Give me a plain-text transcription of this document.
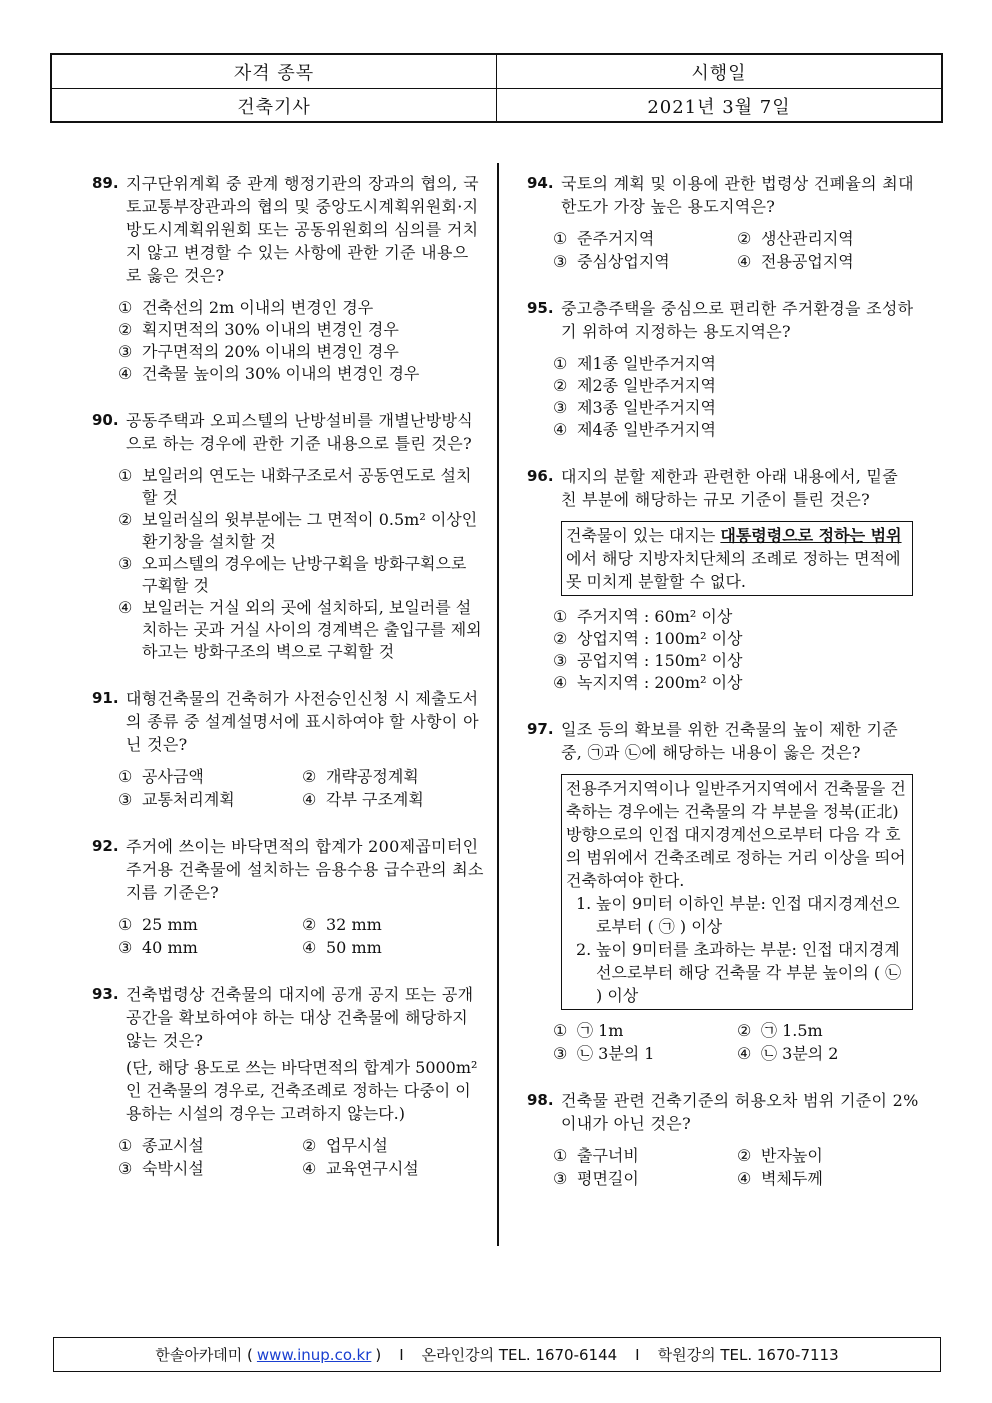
자격 종목	시행일
건축기사	2021년 3월 7일
89. 지구단위계획 중 관계 행정기관의 장과의 협의, 국토교통부장관과의 협의 및 중앙도시계획위원회·지방도시계획위원회 또는 공동위원회의 심의를 거치지 않고 변경할 수 있는 사항에 관한 기준 내용으로 옳은 것은?
① 건축선의 2m 이내의 변경인 경우
② 획지면적의 30% 이내의 변경인 경우
③ 가구면적의 20% 이내의 변경인 경우
④ 건축물 높이의 30% 이내의 변경인 경우
90. 공동주택과 오피스텔의 난방설비를 개별난방방식으로 하는 경우에 관한 기준 내용으로 틀린 것은?
① 보일러의 연도는 내화구조로서 공동연도로 설치할 것
② 보일러실의 윗부분에는 그 면적이 0.5m² 이상인 환기창을 설치할 것
③ 오피스텔의 경우에는 난방구획을 방화구획으로 구획할 것
④ 보일러는 거실 외의 곳에 설치하되, 보일러를 설치하는 곳과 거실 사이의 경계벽은 출입구를 제외하고는 방화구조의 벽으로 구획할 것
91. 대형건축물의 건축허가 사전승인신청 시 제출도서의 종류 중 설계설명서에 표시하여야 할 사항이 아닌 것은?
① 공사금액	② 개략공정계획
③ 교통처리계획	④ 각부 구조계획
92. 주거에 쓰이는 바닥면적의 합계가 200제곱미터인 주거용 건축물에 설치하는 음용수용 급수관의 최소 지름 기준은?
① 25 mm	② 32 mm
③ 40 mm	④ 50 mm
93. 건축법령상 건축물의 대지에 공개 공지 또는 공개 공간을 확보하여야 하는 대상 건축물에 해당하지 않는 것은?
(단, 해당 용도로 쓰는 바닥면적의 합계가 5000m²인 건축물의 경우로, 건축조례로 정하는 다중이 이용하는 시설의 경우는 고려하지 않는다.)
① 종교시설	② 업무시설
③ 숙박시설	④ 교육연구시설
94. 국토의 계획 및 이용에 관한 법령상 건폐율의 최대 한도가 가장 높은 용도지역은?
① 준주거지역	② 생산관리지역
③ 중심상업지역	④ 전용공업지역
95. 중고층주택을 중심으로 편리한 주거환경을 조성하기 위하여 지정하는 용도지역은?
① 제1종 일반주거지역
② 제2종 일반주거지역
③ 제3종 일반주거지역
④ 제4종 일반주거지역
96. 대지의 분할 제한과 관련한 아래 내용에서, 밑줄 친 부분에 해당하는 규모 기준이 틀린 것은?
건축물이 있는 대지는 대통령령으로 정하는 범위에서 해당 지방자치단체의 조례로 정하는 면적에 못 미치게 분할할 수 없다.
① 주거지역 : 60m² 이상
② 상업지역 : 100m² 이상
③ 공업지역 : 150m² 이상
④ 녹지지역 : 200m² 이상
97. 일조 등의 확보를 위한 건축물의 높이 제한 기준 중, ㉠과 ㉡에 해당하는 내용이 옳은 것은?
전용주거지역이나 일반주거지역에서 건축물을 건축하는 경우에는 건축물의 각 부분을 정북(正北) 방향으로의 인접 대지경계선으로부터 다음 각 호의 범위에서 건축조례로 정하는 거리 이상을 띄어 건축하여야 한다.
1. 높이 9미터 이하인 부분: 인접 대지경계선으로부터 ( ㉠ ) 이상
2. 높이 9미터를 초과하는 부분: 인접 대지경계선으로부터 해당 건축물 각 부분 높이의 ( ㉡ ) 이상
① ㉠ 1m	② ㉠ 1.5m
③ ㉡ 3분의 1	④ ㉡ 3분의 2
98. 건축물 관련 건축기준의 허용오차 범위 기준이 2% 이내가 아닌 것은?
① 출구너비	② 반자높이
③ 평면길이	④ 벽체두께
한솔아카데미 ( www.inup.co.kr ) I 온라인강의 TEL. 1670-6144 I 학원강의 TEL. 1670-7113
